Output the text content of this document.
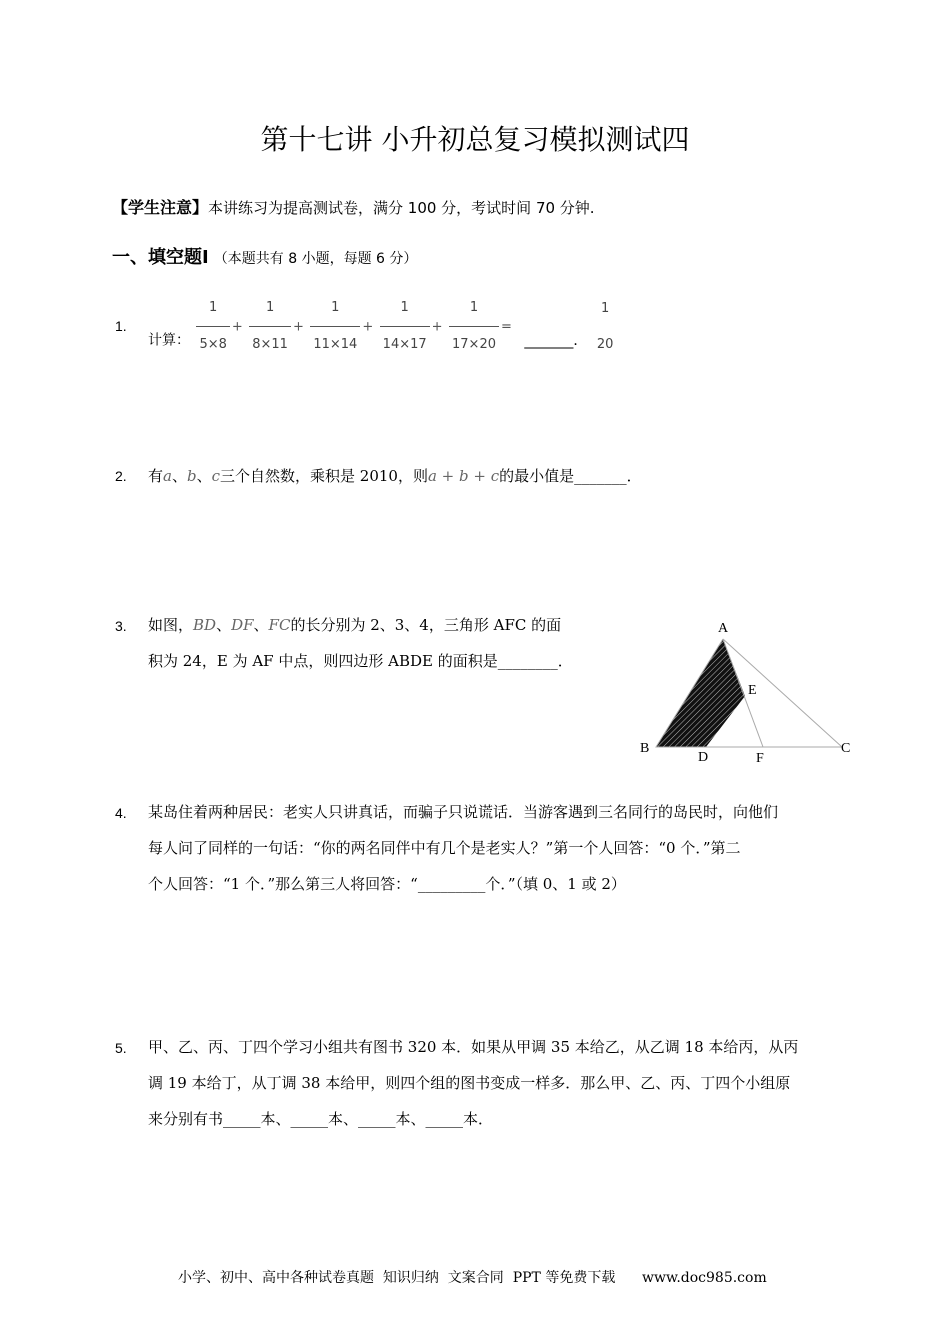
第十七讲 小升初总复习模拟测试四
【学生注意】本讲练习为提高测试卷，满分 100 分，考试时间 70 分钟.
一、填空题Ⅰ （本题共有 8 小题，每题 6 分）
1.
计算： $\frac{1}{5\times 8} + \frac{1}{8\times 11} + \frac{1}{11\times 14} + \frac{1}{14\times 17} + \frac{1}{17\times 20}$ = _______．
1
20
2. 有a、b、c三个自然数，乘积是 2010，则a + b + c的最小值是_______．
3. 如图，BD、DF、FC的长分别为 2、3、4，三角形 AFC 的面
积为 24，E 为 AF 中点，则四边形 ABDE 的面积是________．
A
E
B
D	F
C
4. 某岛住着两种居民：老实人只讲真话，而骗子只说谎话．当游客遇到三名同行的岛民时，向他们
每人问了同样的一句话：“你的两名同伴中有几个是老实人？”第一个人回答：“0 个．”第二
个人回答：“1 个．”那么第三人将回答：“_________个．”（填 0、1 或 2）
5. 甲、乙、丙、丁四个学习小组共有图书 320 本．如果从甲调 35 本给乙，从乙调 18 本给丙，从丙
调 19 本给丁，从丁调 38 本给甲，则四个组的图书变成一样多．那么甲、乙、丙、丁四个小组原
来分别有书_____本、_____本、_____本、_____本．
小学、初中、高中各种试卷真题  知识归纳  文案合同  PPT 等免费下载      www.doc985.com
